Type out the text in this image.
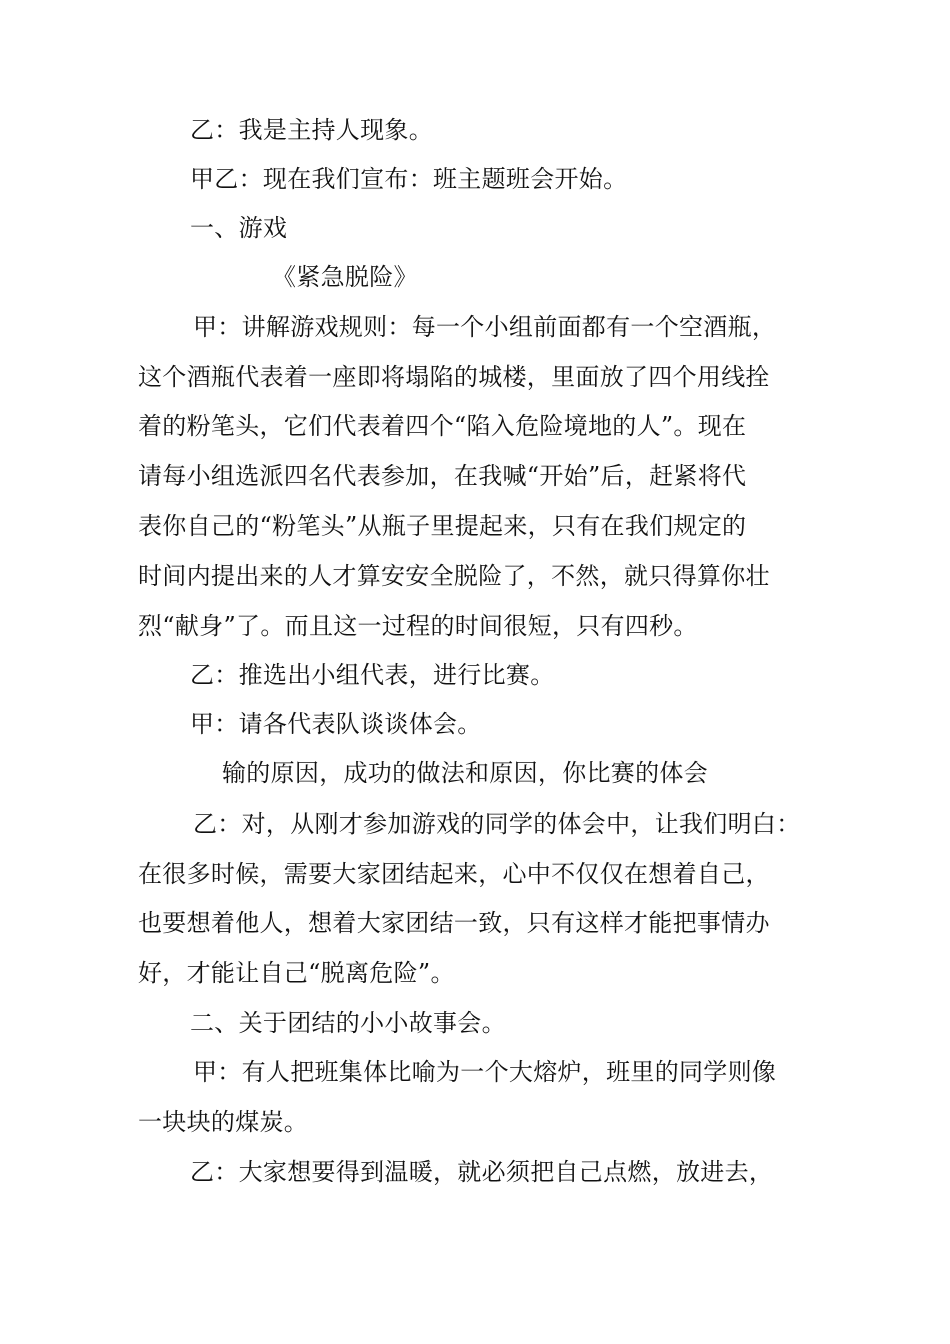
乙：我是主持人现象。
甲乙：现在我们宣布：班主题班会开始。
一、游戏
《紧急脱险》
甲：讲解游戏规则：每一个小组前面都有一个空酒瓶，
这个酒瓶代表着一座即将塌陷的城楼，里面放了四个用线拴
着的粉笔头，它们代表着四个“陷入危险境地的人”。现在
请每小组选派四名代表参加，在我喊“开始”后，赶紧将代
表你自己的“粉笔头”从瓶子里提起来，只有在我们规定的
时间内提出来的人才算安安全脱险了，不然，就只得算你壮
烈“献身”了。而且这一过程的时间很短，只有四秒。
乙：推选出小组代表，进行比赛。
甲：请各代表队谈谈体会。
输的原因，成功的做法和原因，你比赛的体会
乙：对，从刚才参加游戏的同学的体会中，让我们明白：
在很多时候，需要大家团结起来，心中不仅仅在想着自己，
也要想着他人，想着大家团结一致，只有这样才能把事情办
好，才能让自己“脱离危险”。
二、关于团结的小小故事会。
甲：有人把班集体比喻为一个大熔炉，班里的同学则像
一块块的煤炭。
乙：大家想要得到温暖，就必须把自己点燃，放进去，
